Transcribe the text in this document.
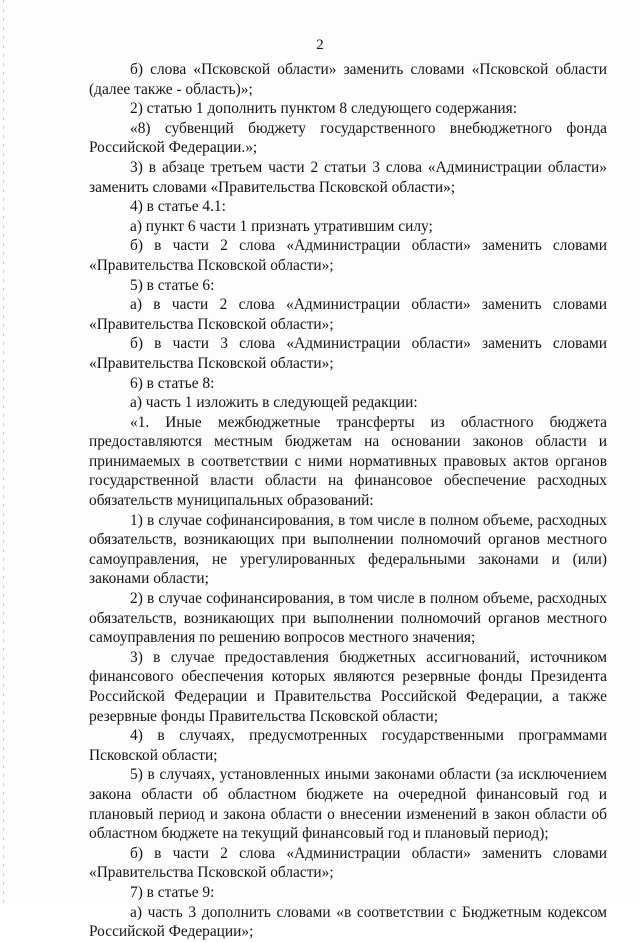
2

б) слова «Псковской области» заменить словами «Псковской области (далее также - область)»;

2) статью 1 дополнить пунктом 8 следующего содержания:

«8) субвенций бюджету государственного внебюджетного фонда Российской Федерации.»;

3) в абзаце третьем части 2 статьи 3 слова «Администрации области» заменить словами «Правительства Псковской области»;

4) в статье 4.1:

а) пункт 6 части 1 признать утратившим силу;

б) в части 2 слова «Администрации области» заменить словами «Правительства Псковской области»;

5) в статье 6:

а) в части 2 слова «Администрации области» заменить словами «Правительства Псковской области»;

б) в части 3 слова «Администрации области» заменить словами «Правительства Псковской области»;

6) в статье 8:

а) часть 1 изложить в следующей редакции:

«1. Иные межбюджетные трансферты из областного бюджета предоставляются местным бюджетам на основании законов области и принимаемых в соответствии с ними нормативных правовых актов органов государственной власти области на финансовое обеспечение расходных обязательств муниципальных образований:

1) в случае софинансирования, в том числе в полном объеме, расходных обязательств, возникающих при выполнении полномочий органов местного самоуправления, не урегулированных федеральными законами и (или) законами области;

2) в случае софинансирования, в том числе в полном объеме, расходных обязательств, возникающих при выполнении полномочий органов местного самоуправления по решению вопросов местного значения;

3) в случае предоставления бюджетных ассигнований, источником финансового обеспечения которых являются резервные фонды Президента Российской Федерации и Правительства Российской Федерации, а также резервные фонды Правительства Псковской области;

4) в случаях, предусмотренных государственными программами Псковской области;

5) в случаях, установленных иными законами области (за исключением закона области об областном бюджете на очередной финансовый год и плановый период и закона области о внесении изменений в закон области об областном бюджете на текущий финансовый год и плановый период);

б) в части 2 слова «Администрации области» заменить словами «Правительства Псковской области»;

7) в статье 9:

а) часть 3 дополнить словами «в соответствии с Бюджетным кодексом Российской Федерации»;
